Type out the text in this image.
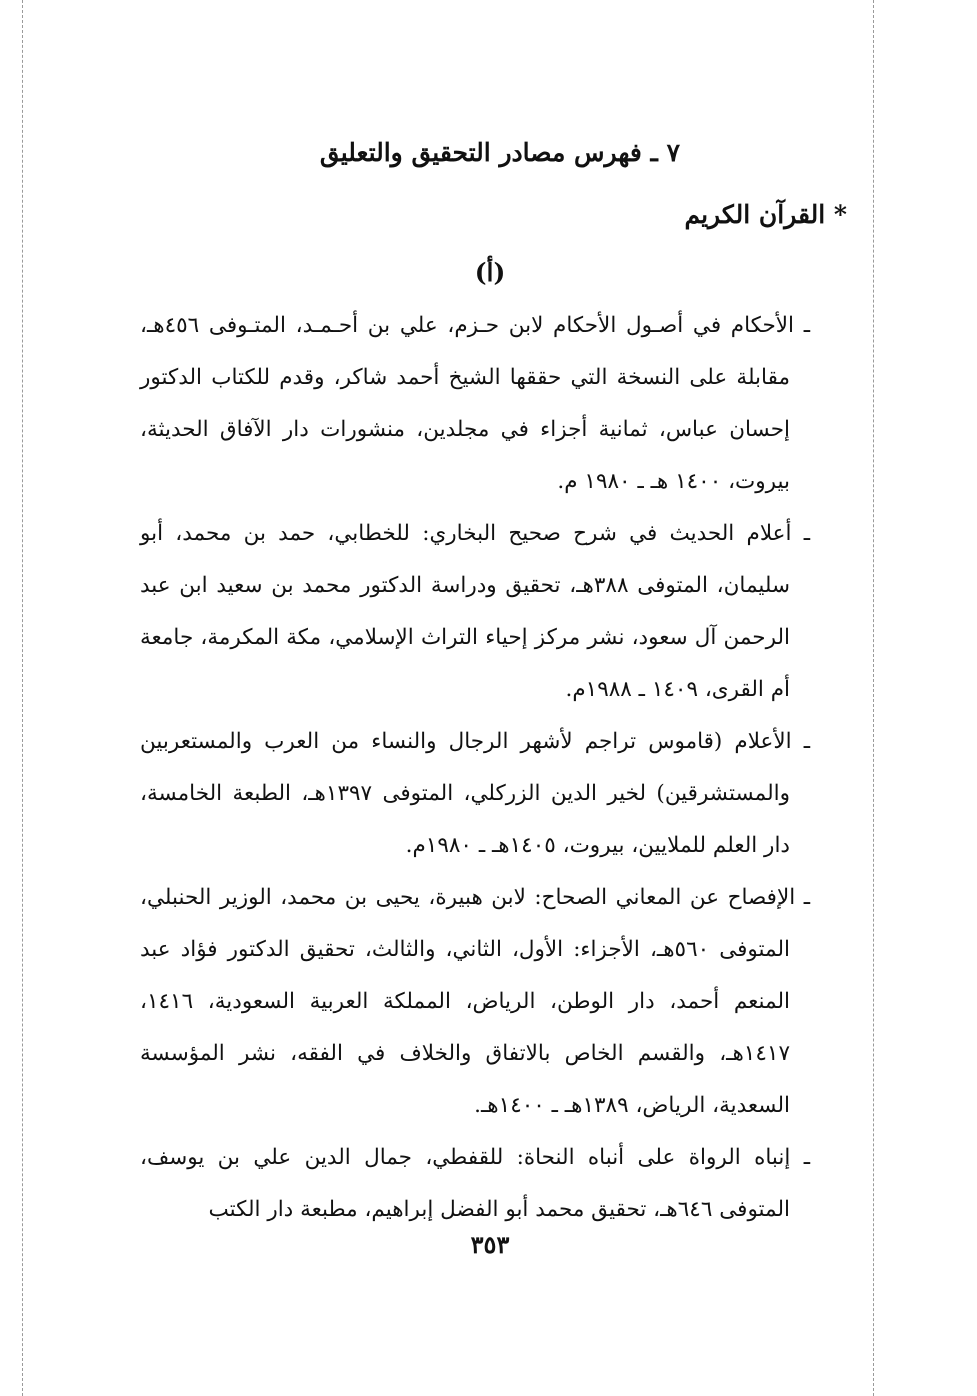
٧ ـ فهرس مصادر التحقيق والتعليق
* القرآن الكريم
(أ)
ـ الأحكام في أصـول الأحكام لابن حـزم، علي بن أحـمـد، المتـوفى ٤٥٦هـ، مقابلة على النسخة التي حققها الشيخ أحمد شاكر، وقدم للكتاب الدكتور إحسان عباس، ثمانية أجزاء في مجلدين، منشورات دار الآفاق الحديثة، بيروت، ١٤٠٠ هـ ـ ١٩٨٠ م.
ـ أعلام الحديث في شرح صحيح البخاري: للخطابي، حمد بن محمد، أبو سليمان، المتوفى ٣٨٨هـ، تحقيق ودراسة الدكتور محمد بن سعيد ابن عبد الرحمن آل سعود، نشر مركز إحياء التراث الإسلامي، مكة المكرمة، جامعة أم القرى، ١٤٠٩ ـ ١٩٨٨م.
ـ الأعلام (قاموس تراجم لأشهر الرجال والنساء من العرب والمستعربين والمستشرقين) لخير الدين الزركلي، المتوفى ١٣٩٧هـ، الطبعة الخامسة، دار العلم للملايين، بيروت، ١٤٠٥هـ ـ ١٩٨٠م.
ـ الإفصاح عن المعاني الصحاح: لابن هبيرة، يحيى بن محمد، الوزير الحنبلي، المتوفى ٥٦٠هـ، الأجزاء: الأول، الثاني، والثالث، تحقيق الدكتور فؤاد عبد المنعم أحمد، دار الوطن، الرياض، المملكة العربية السعودية، ١٤١٦، ١٤١٧هـ، والقسم الخاص بالاتفاق والخلاف في الفقه، نشر المؤسسة السعدية، الرياض، ١٣٨٩هـ ـ ١٤٠٠هـ.
ـ إنباه الرواة على أنباه النحاة: للقفطي، جمال الدين علي بن يوسف، المتوفى ٦٤٦هـ، تحقيق محمد أبو الفضل إبراهيم، مطبعة دار الكتب
٣٥٣
